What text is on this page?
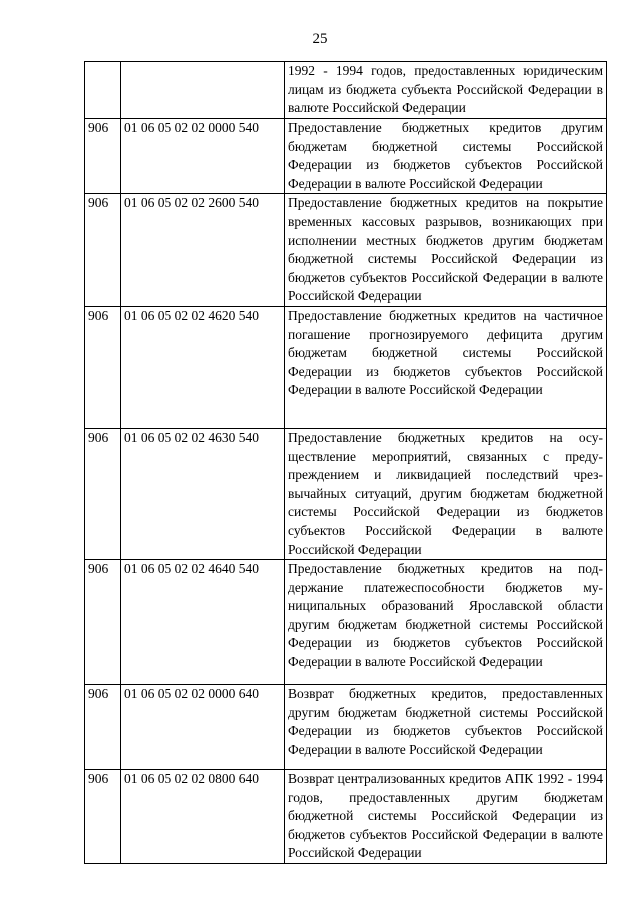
25
		1992 - 1994 годов, предоставленных юридическим лицам из бюджета субъекта Российской Федерации в валюте Российской Федерации
906	01 06 05 02 02 0000 540	Предоставление бюджетных кредитов другим бюджетам бюджетной системы Российской Федерации из бюджетов субъектов Российской Федерации в валюте Российской Федерации
906	01 06 05 02 02 2600 540	Предоставление бюджетных кредитов на покрытие временных кассовых разрывов, возникающих при исполнении местных бюджетов другим бюджетам бюджетной системы Российской Федерации из бюджетов субъектов Российской Федерации в валюте Российской Федерации
906	01 06 05 02 02 4620 540	Предоставление бюджетных кредитов на частичное погашение прогнозируемого дефицита другим бюджетам бюджетной системы Российской Федерации из бюджетов субъектов Российской Федерации в валюте Российской Федерации
906	01 06 05 02 02 4630 540	Предоставление бюджетных кредитов на осуществление мероприятий, связанных с предупреждением и ликвидацией последствий чрезвычайных ситуаций, другим бюджетам бюджетной системы Российской Федерации из бюджетов субъектов Российской Федерации в валюте Российской Федерации
906	01 06 05 02 02 4640 540	Предоставление бюджетных кредитов на поддержание платежеспособности бюджетов муниципальных образований Ярославской области другим бюджетам бюджетной системы Российской Федерации из бюджетов субъектов Российской Федерации в валюте Российской Федерации
906	01 06 05 02 02 0000 640	Возврат бюджетных кредитов, предоставленных другим бюджетам бюджетной системы Российской Федерации из бюджетов субъектов Российской Федерации в валюте Российской Федерации
906	01 06 05 02 02 0800 640	Возврат централизованных кредитов АПК 1992 - 1994 годов, предоставленных другим бюджетам бюджетной системы Российской Федерации из бюджетов субъектов Российской Федерации в валюте Российской Федерации
